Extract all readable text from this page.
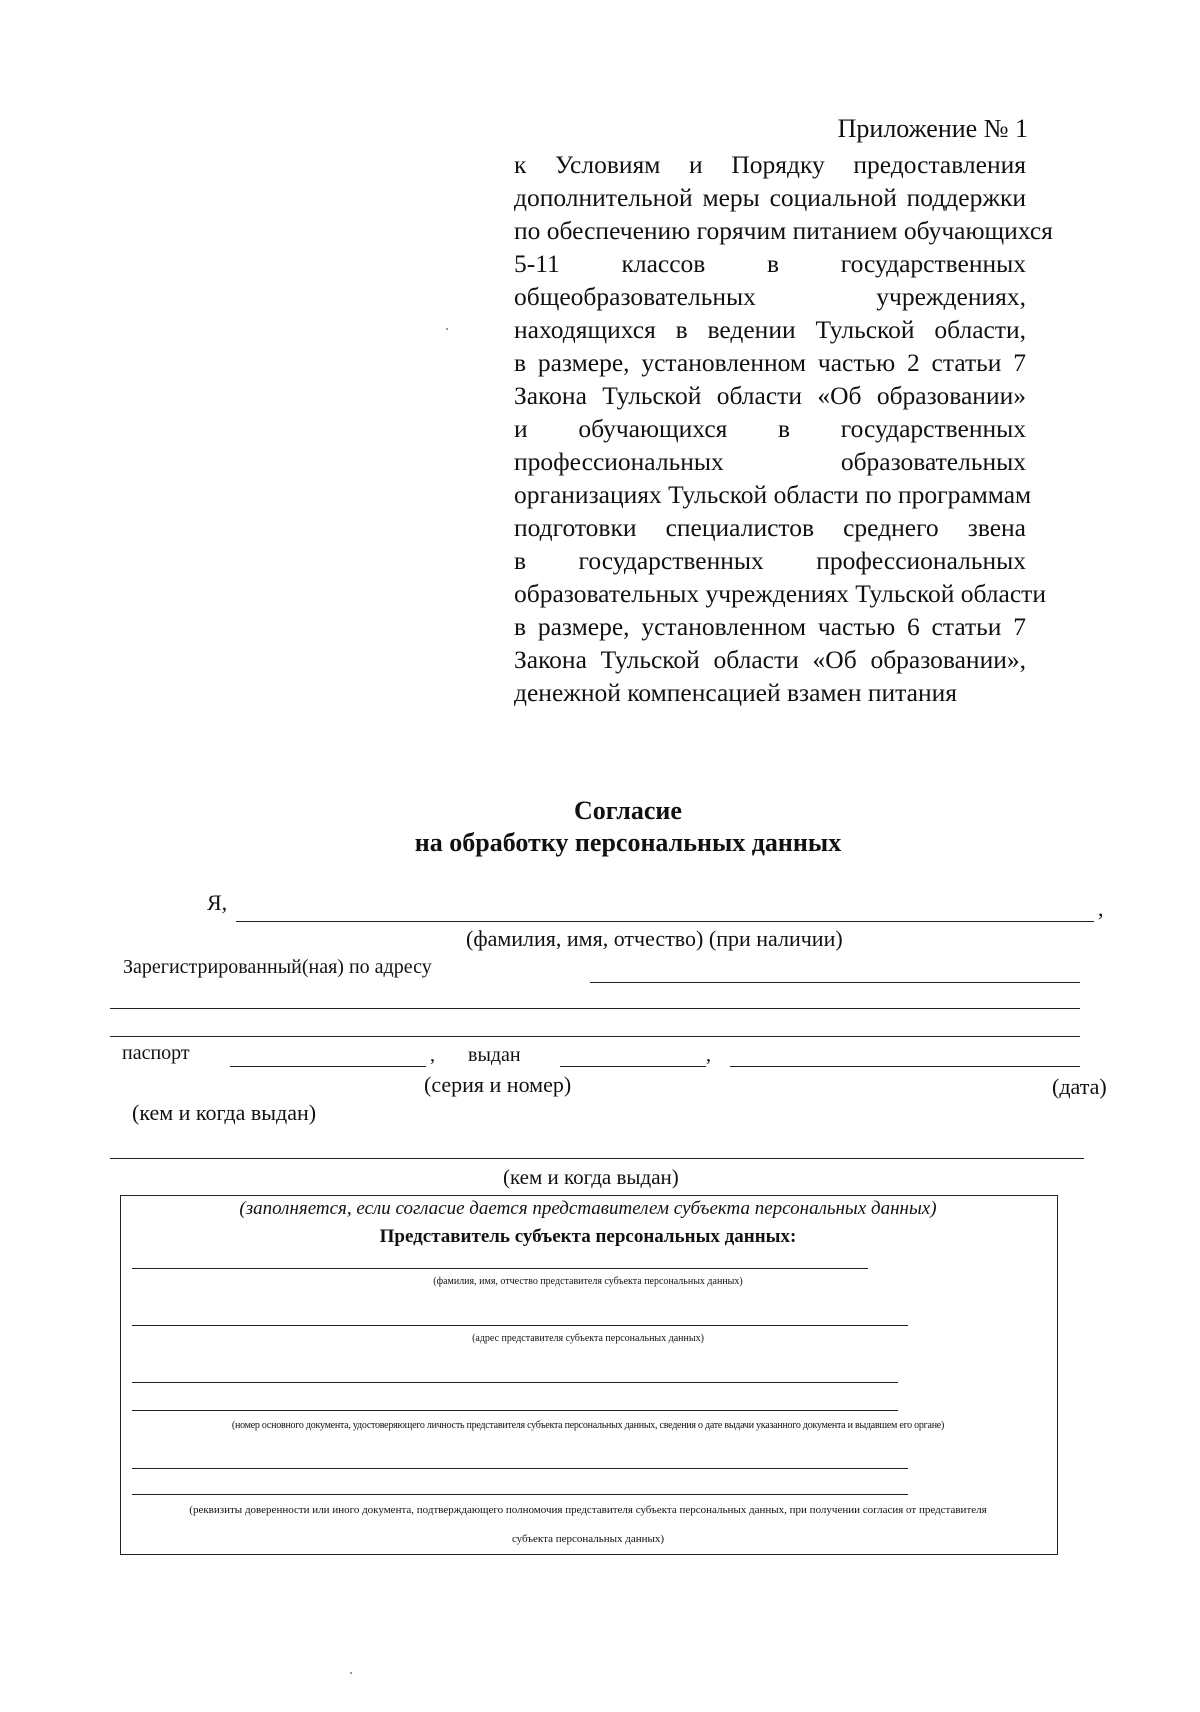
Приложение № 1
к Условиям и Порядку предоставления
дополнительной меры социальной поддержки
по обеспечению горячим питанием обучающихся
5-11 классов в государственных
общеобразовательных учреждениях,
находящихся в ведении Тульской области,
в размере, установленном частью 2 статьи 7
Закона Тульской области «Об образовании»
и обучающихся в государственных
профессиональных образовательных
организациях Тульской области по программам
подготовки специалистов среднего звена
в государственных профессиональных
образовательных учреждениях Тульской области
в размере, установленном частью 6 статьи 7
Закона Тульской области «Об образовании»,
денежной компенсацией взамен питания
Согласие
на обработку персональных данных
Я,	,
(фамилия, имя, отчество) (при наличии)
Зарегистрированный(ная) по адресу
паспорт	, выдан	,
(серия и номер)	(дата)
(кем и когда выдан)
(кем и когда выдан)
(заполняется, если согласие дается представителем субъекта персональных данных)
Представитель субъекта персональных данных:
(фамилия, имя, отчество представителя субъекта персональных данных)
(адрес представителя субъекта персональных данных)
(номер основного документа, удостоверяющего личность представителя субъекта персональных данных, сведения о дате выдачи указанного документа и выдавшем его органе)
(реквизиты доверенности или иного документа, подтверждающего полномочия представителя субъекта персональных данных, при получении согласия от представителя
субъекта персональных данных)
